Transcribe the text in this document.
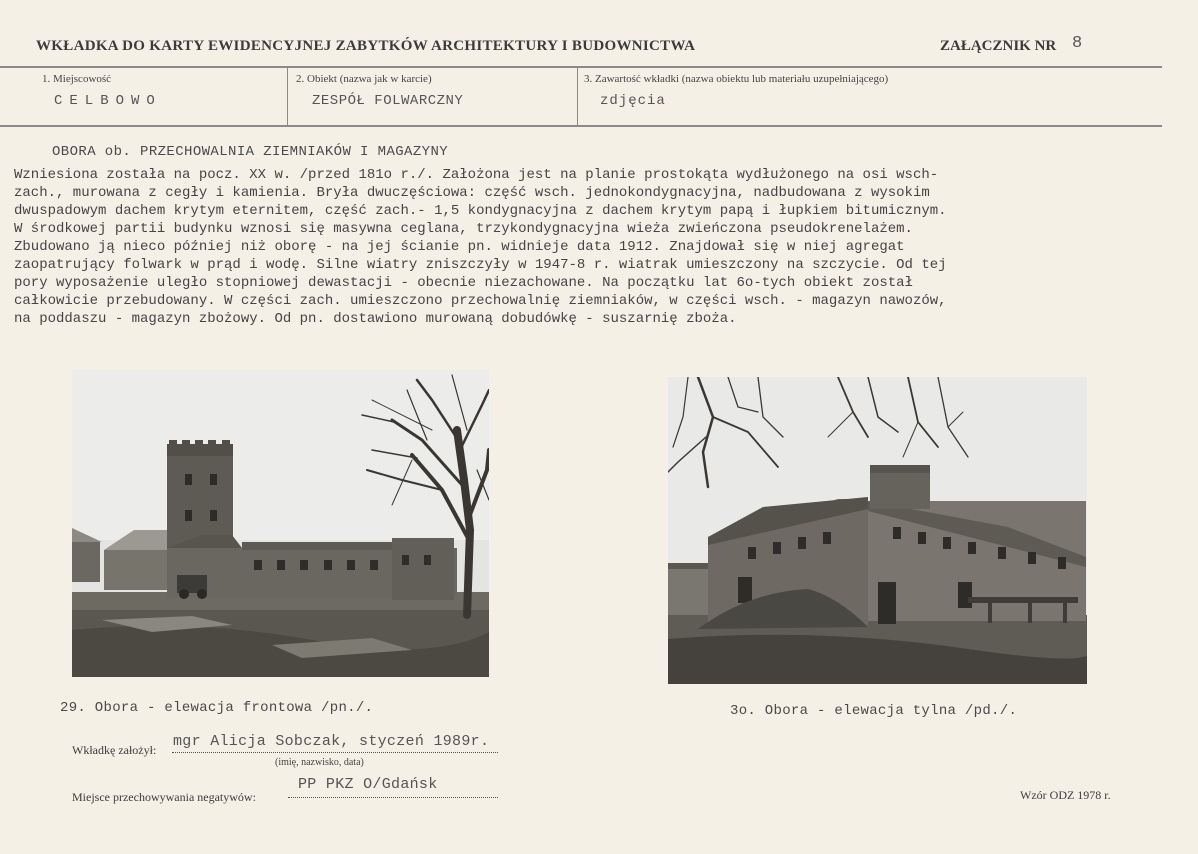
WKŁADKA DO KARTY EWIDENCYJNEJ ZABYTKÓW ARCHITEKTURY I BUDOWNICTWA	ZAŁĄCZNIK NR 8
1. Miejscowość
CELBOWO
2. Obiekt (nazwa jak w karcie)
ZESPÓŁ FOLWARCZNY
3. Zawartość wkładki (nazwa obiektu lub materiału uzupełniającego)
zdjęcia
OBORA ob. PRZECHOWALNIA ZIEMNIAKÓW I MAGAZYNY
Wzniesiona została na pocz. XX w. /przed 181o r./. Założona jest na planie prostokąta wydłużonego na osi wsch-
zach., murowana z cegły i kamienia. Bryła dwuczęściowa: część wsch. jednokondygnacyjna, nadbudowana z wysokim
dwuspadowym dachem krytym eternitem, część zach.- 1,5 kondygnacyjna z dachem krytym papą i łupkiem bitumicznym.
W środkowej partii budynku wznosi się masywna ceglana, trzykondygnacyjna wieża zwieńczona pseudokrenelażem.
Zbudowano ją nieco później niż oborę - na jej ścianie pn. widnieje data 1912. Znajdował się w niej agregat
zaopatrujący folwark w prąd i wodę. Silne wiatry zniszczyły w 1947-8 r. wiatrak umieszczony na szczycie. Od tej
pory wyposażenie uległo stopniowej dewastacji - obecnie niezachowane. Na początku lat 6o-tych obiekt został
całkowicie przebudowany. W części zach. umieszczono przechowalnię ziemniaków, w części wsch. - magazyn nawozów,
na poddaszu - magazyn zbożowy. Od pn. dostawiono murowaną dobudówkę - suszarnię zboża.
29. Obora - elewacja frontowa /pn./.	3o. Obora - elewacja tylna /pd./.
Wkładkę założył: mgr Alicja Sobczak, styczeń 1989r.
(imię, nazwisko, data)
Miejsce przechowywania negatywów:
PP PKZ O/Gdańsk
Wzór ODZ 1978 r.
